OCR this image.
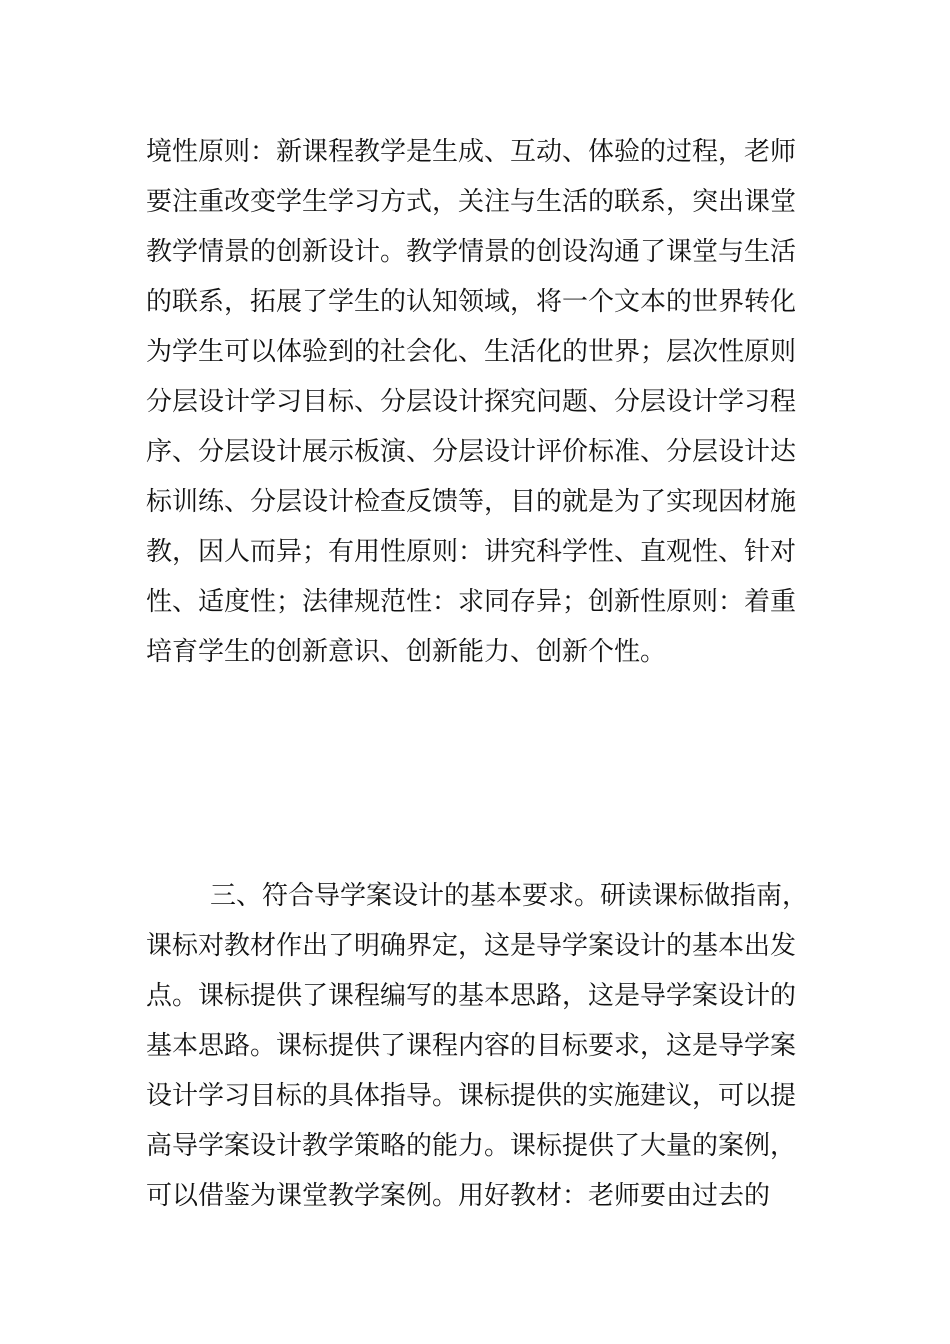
境性原则：新课程教学是生成、互动、体验的过程，老师
要注重改变学生学习方式，关注与生活的联系，突出课堂
教学情景的创新设计。教学情景的创设沟通了课堂与生活
的联系，拓展了学生的认知领域，将一个文本的世界转化
为学生可以体验到的社会化、生活化的世界；层次性原则
分层设计学习目标、分层设计探究问题、分层设计学习程
序、分层设计展示板演、分层设计评价标准、分层设计达
标训练、分层设计检查反馈等，目的就是为了实现因材施
教，因人而异；有用性原则：讲究科学性、直观性、针对
性、适度性；法律规范性：求同存异；创新性原则：着重
培育学生的创新意识、创新能力、创新个性。
三、符合导学案设计的基本要求。研读课标做指南，
课标对教材作出了明确界定，这是导学案设计的基本出发
点。课标提供了课程编写的基本思路，这是导学案设计的
基本思路。课标提供了课程内容的目标要求，这是导学案
设计学习目标的具体指导。课标提供的实施建议，可以提
高导学案设计教学策略的能力。课标提供了大量的案例，
可以借鉴为课堂教学案例。用好教材：老师要由过去的
